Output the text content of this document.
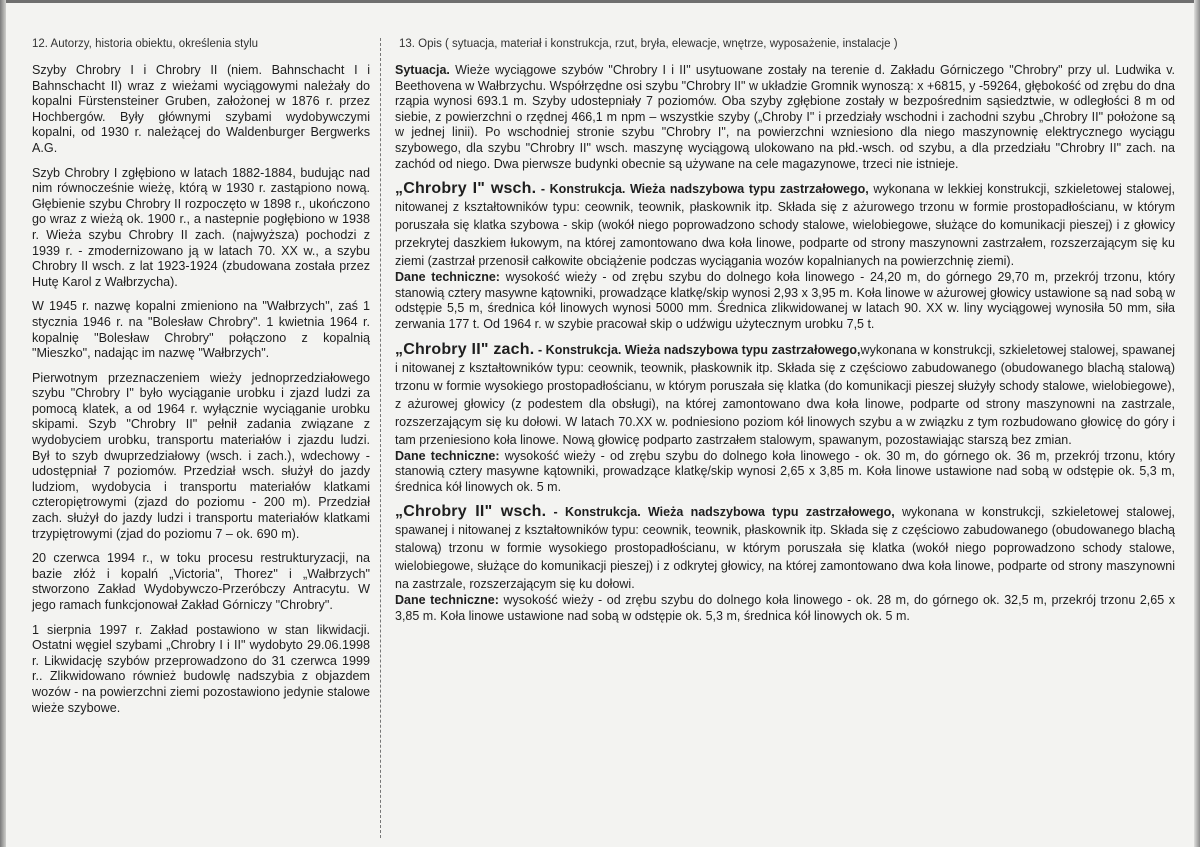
12. Autorzy, historia obiektu, określenia stylu

Szyby Chrobry I i Chrobry II (niem. Bahnschacht I i Bahnschacht II) wraz z wieżami wyciągowymi należały do kopalni Fürstensteiner Gruben, założonej w 1876 r. przez Hochbergów. Były głównymi szybami wydobywczymi kopalni, od 1930 r. należącej do Waldenburger Bergwerks A.G.

Szyb Chrobry I zgłębiono w latach 1882-1884, budując nad nim równocześnie wieżę, którą w 1930 r. zastąpiono nową. Głębienie szybu Chrobry II rozpoczęto w 1898 r., ukończono go wraz z wieżą ok. 1900 r., a nastepnie pogłębiono w 1938 r. Wieża szybu Chrobry II zach. (najwyższa) pochodzi z 1939 r. - zmodernizowano ją w latach 70. XX w., a szybu Chrobry II wsch. z lat 1923-1924 (zbudowana została przez Hutę Karol z Wałbrzycha).

W 1945 r. nazwę kopalni zmieniono na "Wałbrzych", zaś 1 stycznia 1946 r. na "Bolesław Chrobry". 1 kwietnia 1964 r. kopalnię "Bolesław Chrobry" połączono z kopalnią "Mieszko", nadając im nazwę "Wałbrzych".

Pierwotnym przeznaczeniem wieży jednoprzedziałowego szybu "Chrobry I" było wyciąganie urobku i zjazd ludzi za pomocą klatek, a od 1964 r. wyłącznie wyciąganie urobku skipami. Szyb "Chrobry II" pełnił zadania związane z wydobyciem urobku, transportu materiałów i zjazdu ludzi. Był to szyb dwuprzedziałowy (wsch. i zach.), wdechowy - udostępniał 7 poziomów. Przedział wsch. służył do jazdy ludziom, wydobycia i transportu materiałów klatkami czteropiętrowymi (zjazd do poziomu - 200 m). Przedział zach. służył do jazdy ludzi i transportu materiałów klatkami trzypiętrowymi (zjad do poziomu 7 – ok. 690 m).

20 czerwca 1994 r., w toku procesu restrukturyzacji, na bazie złóż i kopalń „Victoria", Thorez" i „Wałbrzych" stworzono Zakład Wydobywczo-Przeróbczy Antracytu. W jego ramach funkcjonował Zakład Górniczy "Chrobry".

1 sierpnia 1997 r. Zakład postawiono w stan likwidacji. Ostatni węgiel szybami „Chrobry I i II" wydobyto 29.06.1998 r. Likwidację szybów przeprowadzono do 31 czerwca 1999 r.. Zlikwidowano również budowlę nadszybia z objazdem wozów - na powierzchni ziemi pozostawiono jedynie stalowe wieże szybowe.

13. Opis ( sytuacja, materiał i konstrukcja, rzut, bryła, elewacje, wnętrze, wyposażenie, instalacje )

Sytuacja. Wieże wyciągowe szybów "Chrobry I i II" usytuowane zostały na terenie d. Zakładu Górniczego "Chrobry" przy ul. Ludwika v. Beethovena w Wałbrzychu. Współrzędne osi szybu "Chrobry II" w układzie Gromnik wynoszą: x +6815, y -59264, głębokość od zrębu do dna rząpia wynosi 693.1 m. Szyby udostepniały 7 poziomów. Oba szyby zgłębione zostały w bezpośrednim sąsiedztwie, w odległości 8 m od siebie, z powierzchni o rzędnej 466,1 m npm – wszystkie szyby („Chroby I" i przedziały wschodni i zachodni szybu „Chrobry II" położone są w jednej linii). Po wschodniej stronie szybu "Chrobry I", na powierzchni wzniesiono dla niego maszynownię elektrycznego wyciągu szybowego, dla szybu "Chrobry II" wsch. maszynę wyciągową ulokowano na płd.-wsch. od szybu, a dla przedziału "Chrobry II" zach. na zachód od niego. Dwa pierwsze budynki obecnie są używane na cele magazynowe, trzeci nie istnieje.

„Chrobry I" wsch. - Konstrukcja. Wieża nadszybowa typu zastrzałowego, wykonana w lekkiej konstrukcji, szkieletowej stalowej, nitowanej z kształtowników typu: ceownik, teownik, płaskownik itp. Składa się z ażurowego trzonu w formie prostopadłościanu, w którym poruszała się klatka szybowa - skip (wokół niego poprowadzono schody stalowe, wielobiegowe, służące do komunikacji pieszej) i z głowicy przekrytej daszkiem łukowym, na której zamontowano dwa koła linowe, podparte od strony maszynowni zastrzałem, rozszerzającym się ku ziemi (zastrzał przenosił całkowite obciążenie podczas wyciągania wozów kopalnianych na powierzchnię ziemi).

Dane techniczne: wysokość wieży - od zrębu szybu do dolnego koła linowego - 24,20 m, do górnego 29,70 m, przekrój trzonu, który stanowią cztery masywne kątowniki, prowadzące klatkę/skip wynosi 2,93 x 3,95 m. Koła linowe w ażurowej głowicy ustawione są nad sobą w odstępie 5,5 m, średnica kół linowych wynosi 5000 mm. Średnica zlikwidowanej w latach 90. XX w. liny wyciągowej wynosiła 50 mm, siła zerwania 177 t. Od 1964 r. w szybie pracował skip o udźwigu użytecznym urobku 7,5 t.

„Chrobry II" zach. - Konstrukcja. Wieża nadszybowa typu zastrzałowego,wykonana w konstrukcji, szkieletowej stalowej, spawanej i nitowanej z kształtowników typu: ceownik, teownik, płaskownik itp. Składa się z częściowo zabudowanego (obudowanego blachą stalową) trzonu w formie wysokiego prostopadłościanu, w którym poruszała się klatka (do komunikacji pieszej służyły schody stalowe, wielobiegowe), z ażurowej głowicy (z podestem dla obsługi), na której zamontowano dwa koła linowe, podparte od strony maszynowni na zastrzale, rozszerzającym się ku dołowi. W latach 70.XX w. podniesiono poziom kół linowych szybu a w związku z tym rozbudowano głowicę do góry i tam przeniesiono koła linowe. Nową głowicę podparto zastrzałem stalowym, spawanym, pozostawiając starszą bez zmian.

Dane techniczne: wysokość wieży - od zrębu szybu do dolnego koła linowego - ok. 30 m, do górnego ok. 36 m, przekrój trzonu, który stanowią cztery masywne kątowniki, prowadzące klatkę/skip wynosi 2,65 x 3,85 m. Koła linowe ustawione nad sobą w odstępie ok. 5,3 m, średnica kół linowych ok. 5 m.

„Chrobry II" wsch. - Konstrukcja. Wieża nadszybowa typu zastrzałowego, wykonana w konstrukcji, szkieletowej stalowej, spawanej i nitowanej z kształtowników typu: ceownik, teownik, płaskownik itp. Składa się z częściowo zabudowanego (obudowanego blachą stalową) trzonu w formie wysokiego prostopadłościanu, w którym poruszała się klatka (wokół niego poprowadzono schody stalowe, wielobiegowe, służące do komunikacji pieszej) i z odkrytej głowicy, na której zamontowano dwa koła linowe, podparte od strony maszynowni na zastrzale, rozszerzającym się ku dołowi.

Dane techniczne: wysokość wieży - od zrębu szybu do dolnego koła linowego - ok. 28 m, do górnego ok. 32,5 m, przekrój trzonu 2,65 x 3,85 m. Koła linowe ustawione nad sobą w odstępie ok. 5,3 m, średnica kół linowych ok. 5 m.
